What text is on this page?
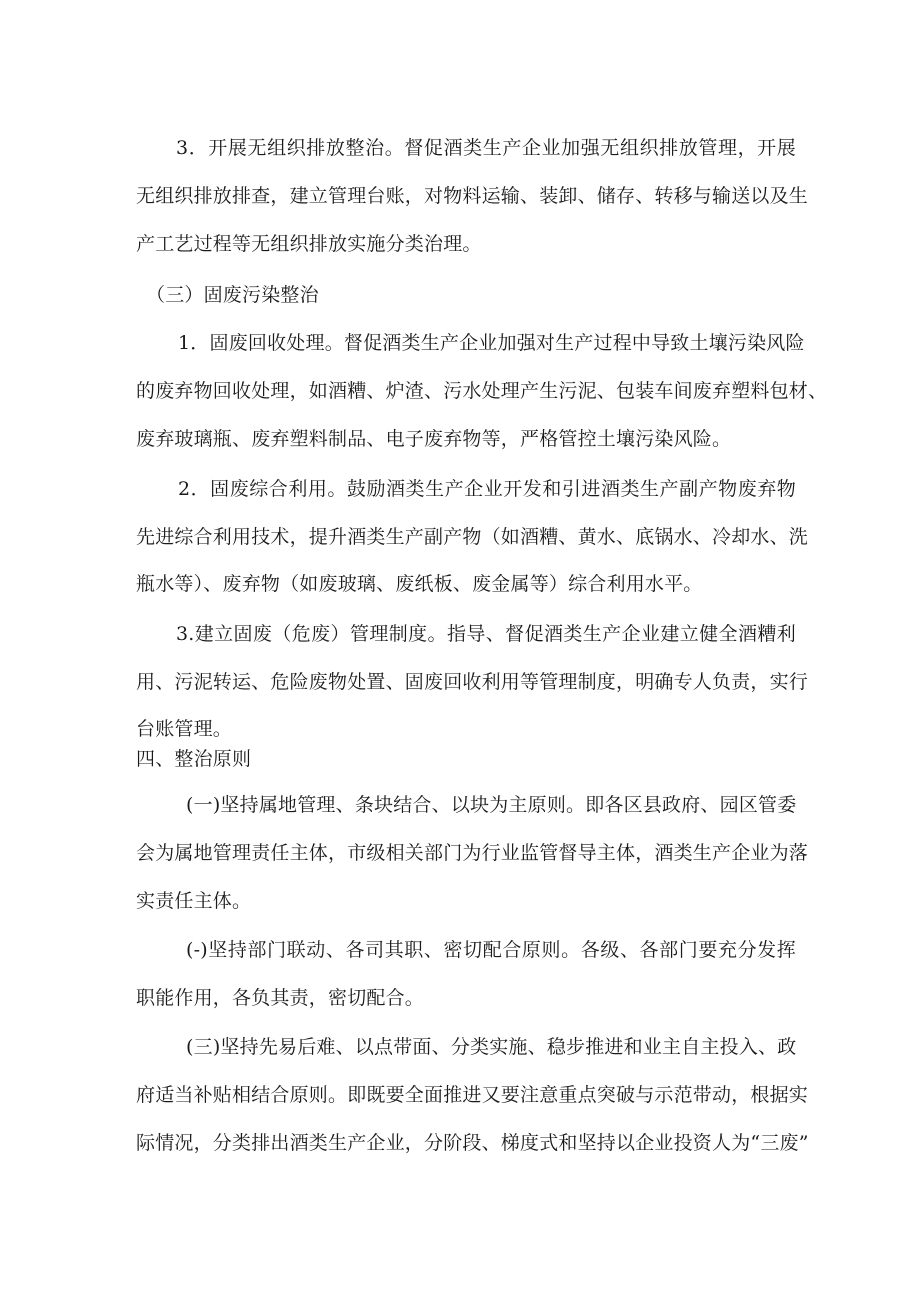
3．开展无组织排放整治。督促酒类生产企业加强无组织排放管理，开展
无组织排放排查，建立管理台账，对物料运输、装卸、储存、转移与输送以及生
产工艺过程等无组织排放实施分类治理。
（三）固废污染整治
1．固废回收处理。督促酒类生产企业加强对生产过程中导致土壤污染风险
的废弃物回收处理，如酒糟、炉渣、污水处理产生污泥、包装车间废弃塑料包材、
废弃玻璃瓶、废弃塑料制品、电子废弃物等，严格管控土壤污染风险。
2．固废综合利用。鼓励酒类生产企业开发和引进酒类生产副产物废弃物
先进综合利用技术，提升酒类生产副产物（如酒糟、黄水、底锅水、冷却水、洗
瓶水等）、废弃物（如废玻璃、废纸板、废金属等）综合利用水平。
3.建立固废（危废）管理制度。指导、督促酒类生产企业建立健全酒糟利
用、污泥转运、危险废物处置、固废回收利用等管理制度，明确专人负责，实行
台账管理。
四、整治原则
(一)坚持属地管理、条块结合、以块为主原则。即各区县政府、园区管委
会为属地管理责任主体，市级相关部门为行业监管督导主体，酒类生产企业为落
实责任主体。
(-)坚持部门联动、各司其职、密切配合原则。各级、各部门要充分发挥
职能作用，各负其责，密切配合。
(三)坚持先易后难、以点带面、分类实施、稳步推进和业主自主投入、政
府适当补贴相结合原则。即既要全面推进又要注意重点突破与示范带动，根据实
际情况，分类排出酒类生产企业，分阶段、梯度式和坚持以企业投资人为“三废”
